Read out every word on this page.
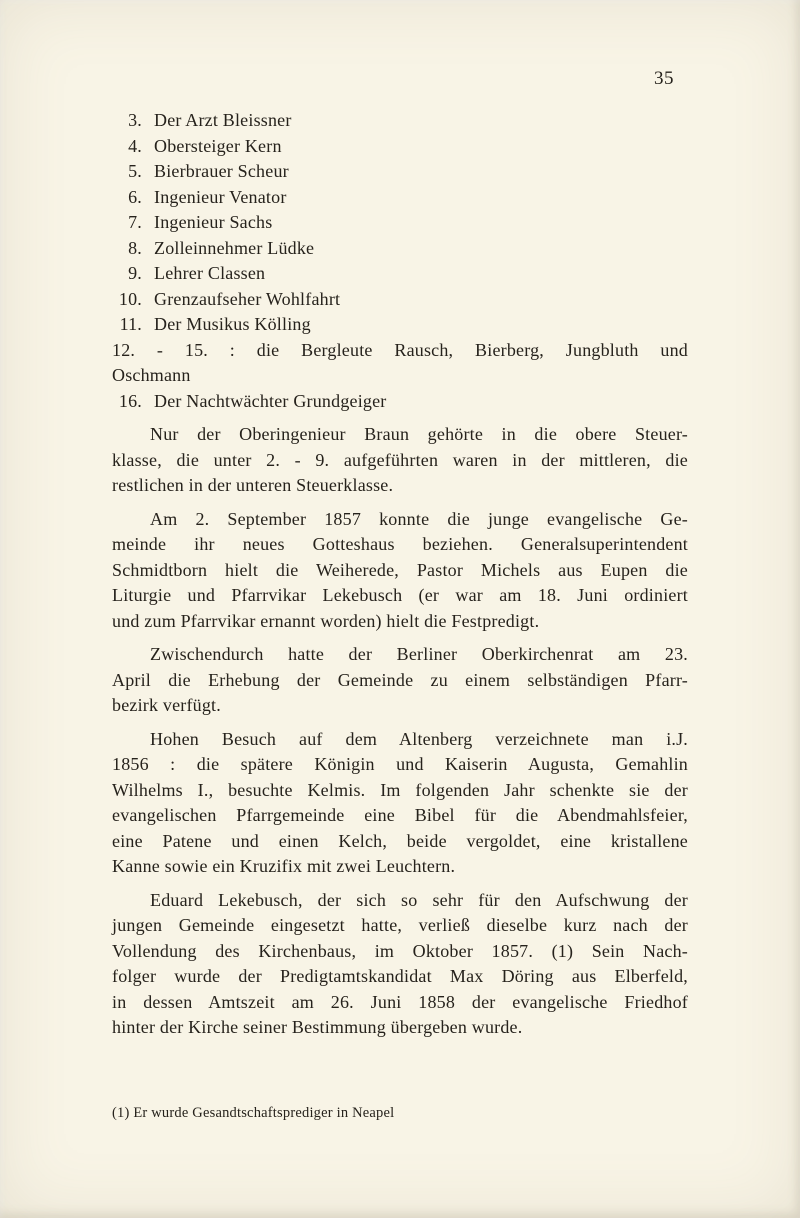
35
3. Der Arzt Bleissner
4. Obersteiger Kern
5. Bierbrauer Scheur
6. Ingenieur Venator
7. Ingenieur Sachs
8. Zolleinnehmer Lüdke
9. Lehrer Classen
10. Grenzaufseher Wohlfahrt
11. Der Musikus Kölling
12. - 15. : die Bergleute Rausch, Bierberg, Jungbluth und
Oschmann
16. Der Nachtwächter Grundgeiger
Nur der Oberingenieur Braun gehörte in die obere Steuer-
klasse, die unter 2. - 9. aufgeführten waren in der mittleren, die
restlichen in der unteren Steuerklasse.
Am 2. September 1857 konnte die junge evangelische Ge-
meinde ihr neues Gotteshaus beziehen. Generalsuperintendent
Schmidtborn hielt die Weiherede, Pastor Michels aus Eupen die
Liturgie und Pfarrvikar Lekebusch (er war am 18. Juni ordiniert
und zum Pfarrvikar ernannt worden) hielt die Festpredigt.
Zwischendurch hatte der Berliner Oberkirchenrat am 23.
April die Erhebung der Gemeinde zu einem selbständigen Pfarr-
bezirk verfügt.
Hohen Besuch auf dem Altenberg verzeichnete man i.J.
1856 : die spätere Königin und Kaiserin Augusta, Gemahlin
Wilhelms I., besuchte Kelmis. Im folgenden Jahr schenkte sie der
evangelischen Pfarrgemeinde eine Bibel für die Abendmahlsfeier,
eine Patene und einen Kelch, beide vergoldet, eine kristallene
Kanne sowie ein Kruzifix mit zwei Leuchtern.
Eduard Lekebusch, der sich so sehr für den Aufschwung der
jungen Gemeinde eingesetzt hatte, verließ dieselbe kurz nach der
Vollendung des Kirchenbaus, im Oktober 1857. (1) Sein Nach-
folger wurde der Predigtamtskandidat Max Döring aus Elberfeld,
in dessen Amtszeit am 26. Juni 1858 der evangelische Friedhof
hinter der Kirche seiner Bestimmung übergeben wurde.
(1) Er wurde Gesandtschaftsprediger in Neapel
